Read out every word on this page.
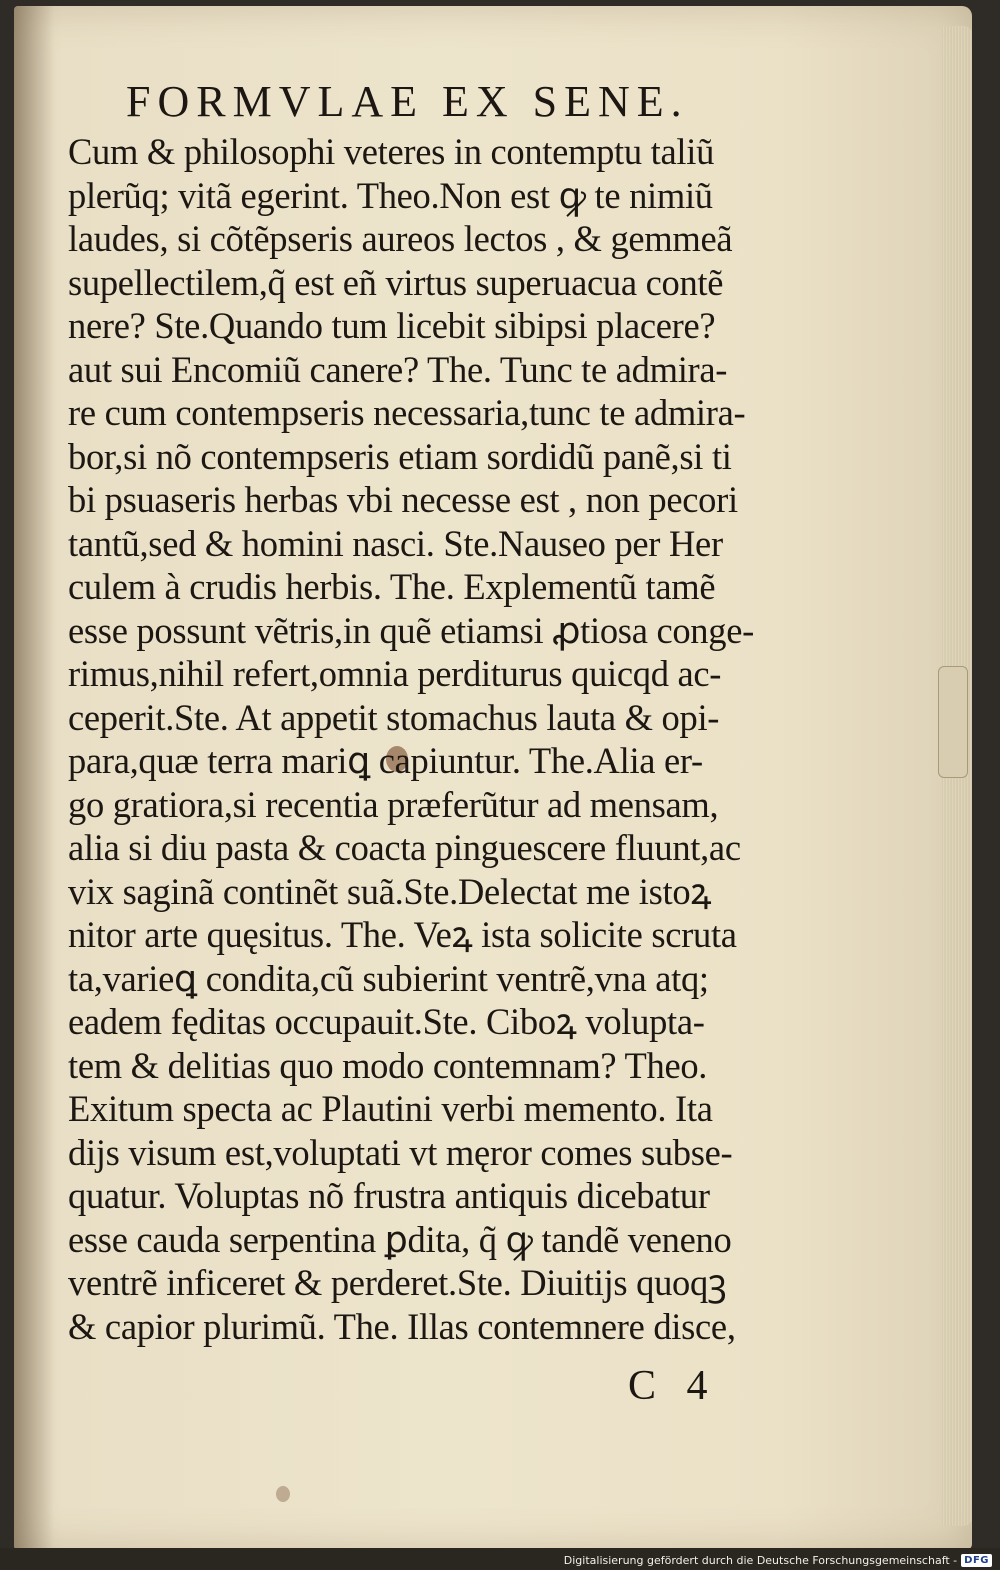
FORMVLAE EX SENE.
Cum & philosophi veteres in contemptu taliũ
plerũq; vitã egerint. Theo.Non est ꝙ te nimiũ
laudes, si cõtẽpseris aureos lectos , & gemmeã
supellectilem,q̃ est eñ virtus superuacua contẽ
nere? Ste.Quando tum licebit sibipsi placere?
aut sui Encomiũ canere? The. Tunc te admira-
re cum contempseris necessaria,tunc te admira-
bor,si nõ contempseris etiam sordidũ panẽ,si ti
bi psuaseris herbas vbi necesse est , non pecori
tantũ,sed & homini nasci. Ste.Nauseo per Her
culem à crudis herbis. The. Explementũ tamẽ
esse possunt vẽtris,in quẽ etiamsi ꝓtiosa conge-
rimus,nihil refert,omnia perditurus quicqd ac-
ceperit.Ste. At appetit stomachus lauta & opi-
para,quæ terra mariꝗ capiuntur. The.Alia er-
go gratiora,si recentia præferũtur ad mensam,
alia si diu pasta & coacta pinguescere fluunt,ac
vix saginã continẽt suã.Ste.Delectat me istoꝝ
nitor arte quęsitus. The. Veꝝ ista solicite scruta
ta,varieꝗ condita,cũ subierint ventrẽ,vna atq;
eadem fęditas occupauit.Ste. Ciboꝝ volupta-
tem & delitias quo modo contemnam? Theo.
Exitum specta ac Plautini verbi memento. Ita
dijs visum est,voluptati vt męror comes subse-
quatur. Voluptas nõ frustra antiquis dicebatur
esse cauda serpentina ꝑdita, q̃ ꝙ tandẽ veneno
ventrẽ inficeret & perderet.Ste. Diuitijs quoqꝫ
& capior plurimũ. The. Illas contemnere disce,
C 4
Digitalisierung gefördert durch die Deutsche Forschungsgemeinschaft - DFG
